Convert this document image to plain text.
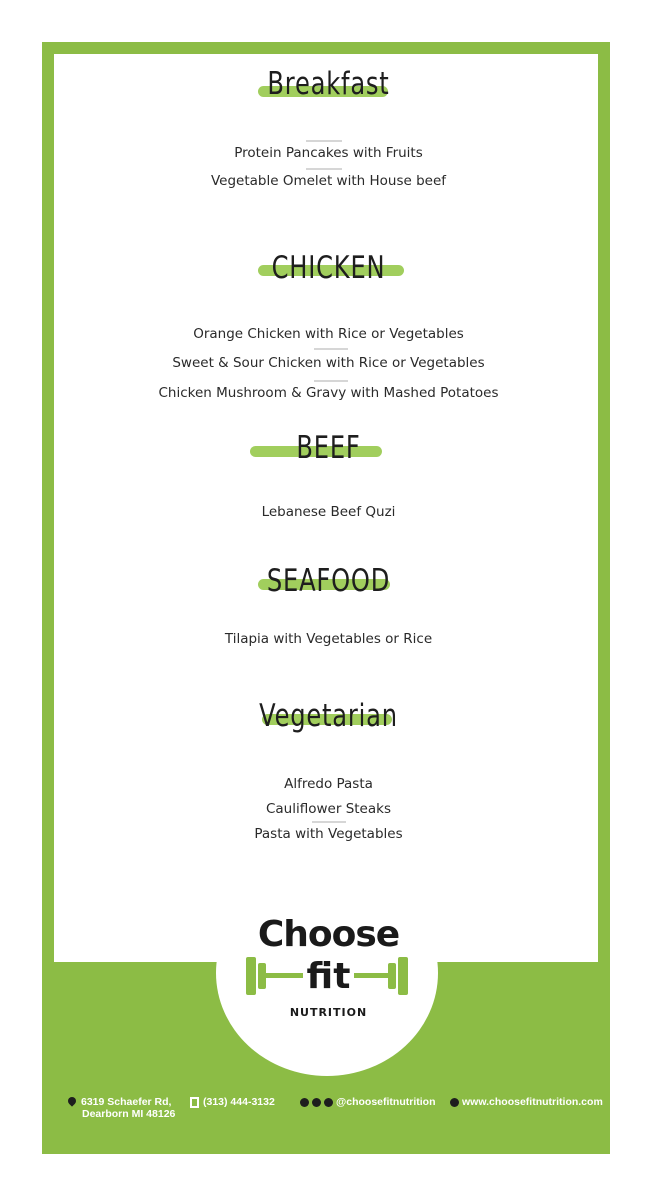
Breakfast
Protein Pancakes with Fruits
Vegetable Omelet with House beef
CHICKEN
Orange Chicken with Rice or Vegetables
Sweet & Sour Chicken with Rice or Vegetables
Chicken Mushroom & Gravy with Mashed Potatoes
BEEF
Lebanese Beef Quzi
SEAFOOD
Tilapia with Vegetables or Rice
Vegetarian
Alfredo Pasta
Cauliflower Steaks
Pasta with Vegetables
Choose
fit
NUTRITION
6319 Schaefer Rd,
Dearborn MI 48126
(313) 444-3132	@choosefitnutrition	www.choosefitnutrition.com
